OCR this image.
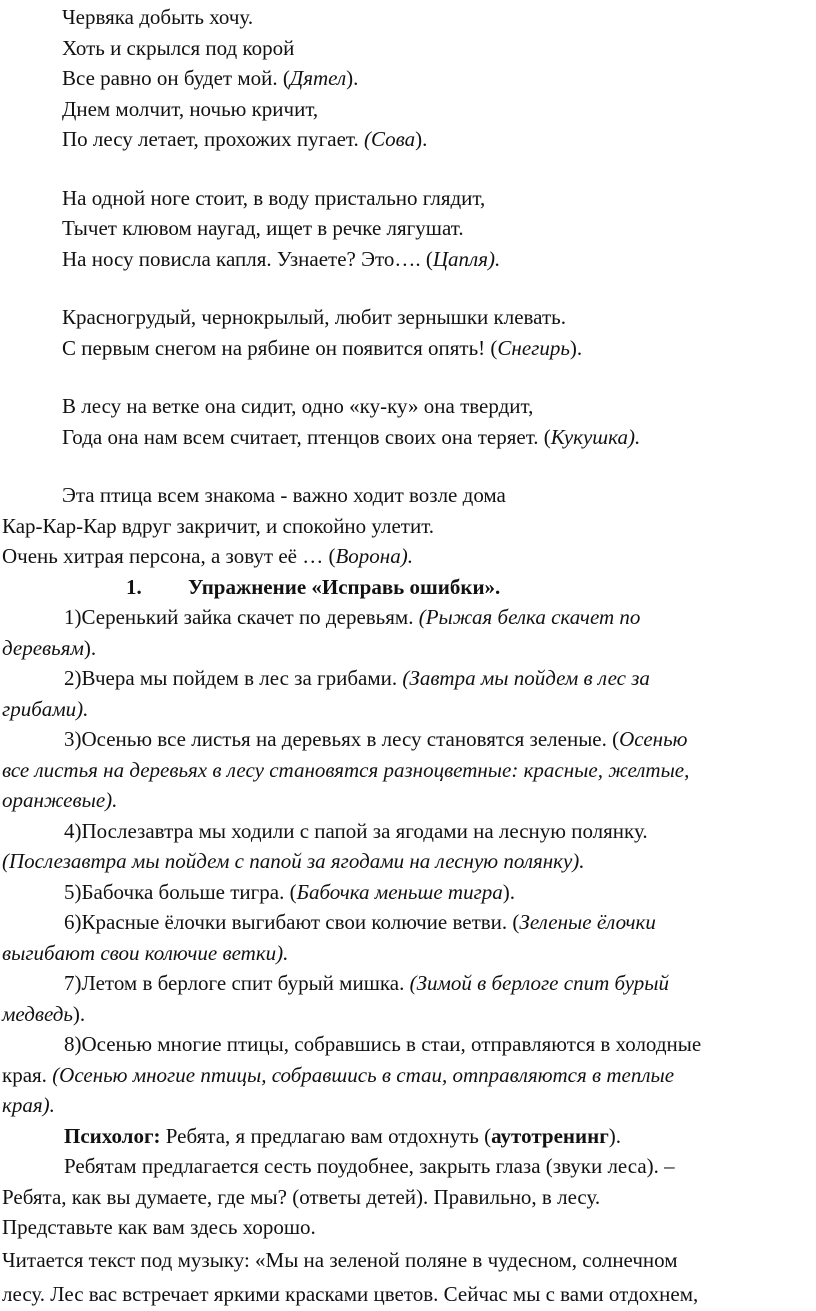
Червяка добыть хочу.

Хоть и скрылся под корой

Все равно он будет мой. (Дятел).

Днем молчит, ночью кричит,

По лесу летает, прохожих пугает. (Сова).

На одной ноге стоит, в воду пристально глядит,

Тычет клювом наугад, ищет в речке лягушат.

На носу повисла капля. Узнаете? Это…. (Цапля).

Красногрудый, чернокрылый, любит зернышки клевать.

С первым снегом на рябине он появится опять! (Снегирь).

В лесу на ветке она сидит, одно «ку-ку» она твердит,

Года она нам всем считает, птенцов своих она теряет. (Кукушка).

Эта птица всем знакома - важно ходит возле дома

Кар-Кар-Кар вдруг закричит, и спокойно улетит.

Очень хитрая персона, а зовут её … (Ворона).

1. Упражнение «Исправь ошибки».

1)Серенький зайка скачет по деревьям. (Рыжая белка скачет по

деревьям).

2)Вчера мы пойдем в лес за грибами. (Завтра мы пойдем в лес за

грибами).

3)Осенью все листья на деревьях в лесу становятся зеленые. (Осенью

все листья на деревьях в лесу становятся разноцветные: красные, желтые,

оранжевые).

4)Послезавтра мы ходили с папой за ягодами на лесную полянку.

(Послезавтра мы пойдем с папой за ягодами на лесную полянку).

5)Бабочка больше тигра. (Бабочка меньше тигра).

6)Красные ёлочки выгибают свои колючие ветви. (Зеленые ёлочки

выгибают свои колючие ветки).

7)Летом в берлоге спит бурый мишка. (Зимой в берлоге спит бурый

медведь).

8)Осенью многие птицы, собравшись в стаи, отправляются в холодные

края. (Осенью многие птицы, собравшись в стаи, отправляются в теплые

края).

Психолог: Ребята, я предлагаю вам отдохнуть (аутотренинг).

Ребятам предлагается сесть поудобнее, закрыть глаза (звуки леса). –

Ребята, как вы думаете, где мы? (ответы детей). Правильно, в лесу.

Представьте как вам здесь хорошо.

Читается текст под музыку: «Мы на зеленой поляне в чудесном, солнечном

лесу. Лес вас встречает яркими красками цветов. Сейчас мы с вами отдохнем,
